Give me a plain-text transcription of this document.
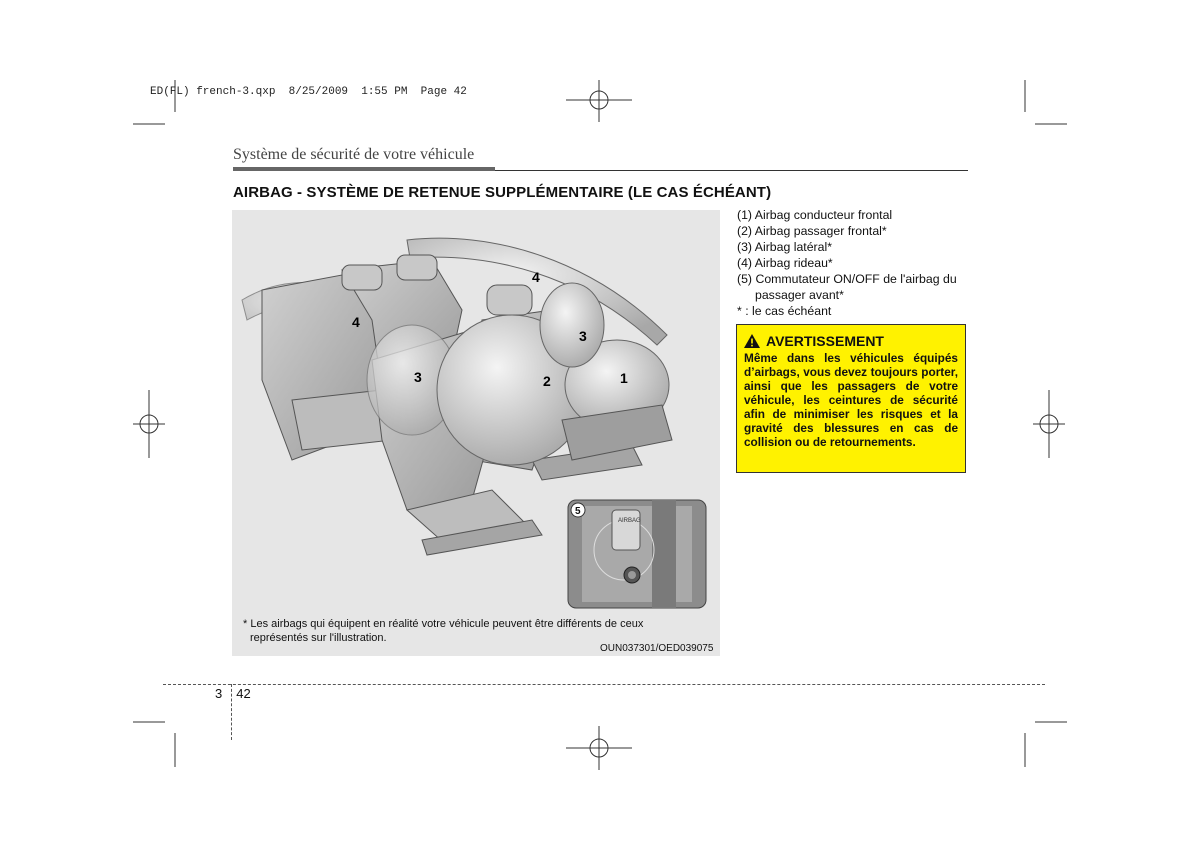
ED(FL) french-3.qxp  8/25/2009  1:55 PM  Page 42
Système de sécurité de votre véhicule
AIRBAG - SYSTÈME DE RETENUE SUPPLÉMENTAIRE (LE CAS ÉCHÉANT)
AIRBAG
5
1
2
3
3
4
4
* Les airbags qui équipent en réalité votre véhicule peuvent être différents de ceux
représentés sur l'illustration.
OUN037301/OED039075
(1) Airbag conducteur frontal
(2) Airbag passager frontal*
(3) Airbag latéral*
(4) Airbag rideau*
(5) Commutateur ON/OFF de l'airbag du
passager avant*
* : le cas échéant
AVERTISSEMENT
Même dans les véhicules équipés d’airbags, vous devez toujours porter, ainsi que les passagers de votre véhicule, les ceintures de sécurité afin de minimiser les risques et la gravité des blessures en cas de collision ou de retournements.
3 42
